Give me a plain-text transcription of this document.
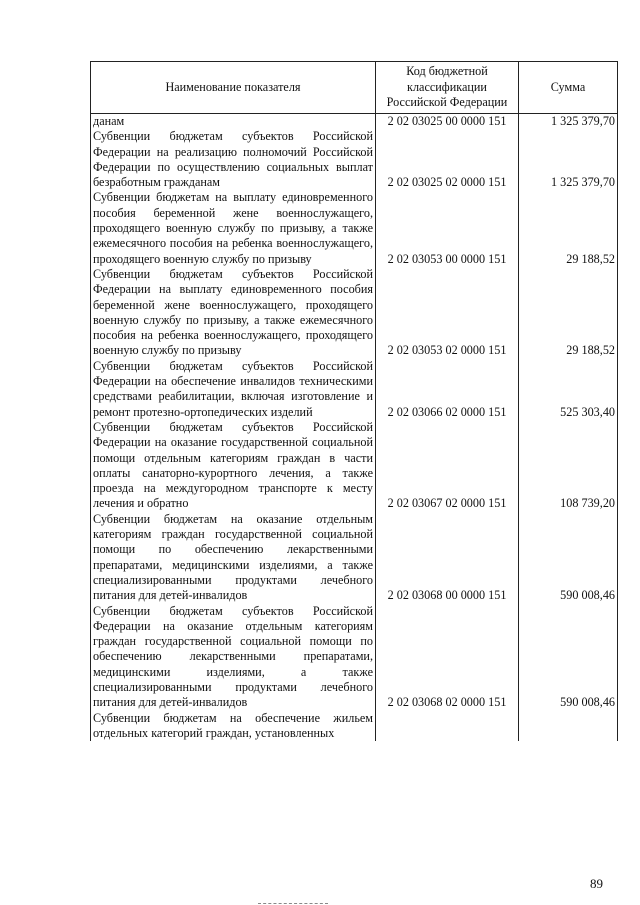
Наименование показателя	Код бюджетной классификации Российской Федерации	Сумма
данам	2 02 03025 00 0000 151	1 325 379,70
Субвенции бюджетам субъектов Российской Федерации на реализацию полномочий Российской Федерации по осуществлению социальных выплат безработным гражданам	2 02 03025 02 0000 151	1 325 379,70
Субвенции бюджетам на выплату единовременного пособия беременной жене военнослужащего, проходящего военную службу по призыву, а также ежемесячного пособия на ребенка военнослужащего, проходящего военную службу по призыву	2 02 03053 00 0000 151	29 188,52
Субвенции бюджетам субъектов Российской Федерации на выплату единовременного пособия беременной жене военнослужащего, проходящего военную службу по призыву, а также ежемесячного пособия на ребенка военнослужащего, проходящего военную службу по призыву	2 02 03053 02 0000 151	29 188,52
Субвенции бюджетам субъектов Российской Федерации на обеспечение инвалидов техническими средствами реабилитации, включая изготовление и ремонт протезно-ортопедических изделий	2 02 03066 02 0000 151	525 303,40
Субвенции бюджетам субъектов Российской Федерации на оказание государственной социальной помощи отдельным категориям граждан в части оплаты санаторно-курортного лечения, а также проезда на междугородном транспорте к месту лечения и обратно	2 02 03067 02 0000 151	108 739,20
Субвенции бюджетам на оказание отдельным категориям граждан государственной социальной помощи по обеспечению лекарственными препаратами, медицинскими изделиями, а также специализированными продуктами лечебного питания для детей-инвалидов	2 02 03068 00 0000 151	590 008,46
Субвенции бюджетам субъектов Российской Федерации на оказание отдельным категориям граждан государственной социальной помощи по обеспечению лекарственными препаратами, медицинскими изделиями, а также специализированными продуктами лечебного питания для детей-инвалидов	2 02 03068 02 0000 151	590 008,46
Субвенции бюджетам на обеспечение жильем отдельных категорий граждан, установленных		
89
